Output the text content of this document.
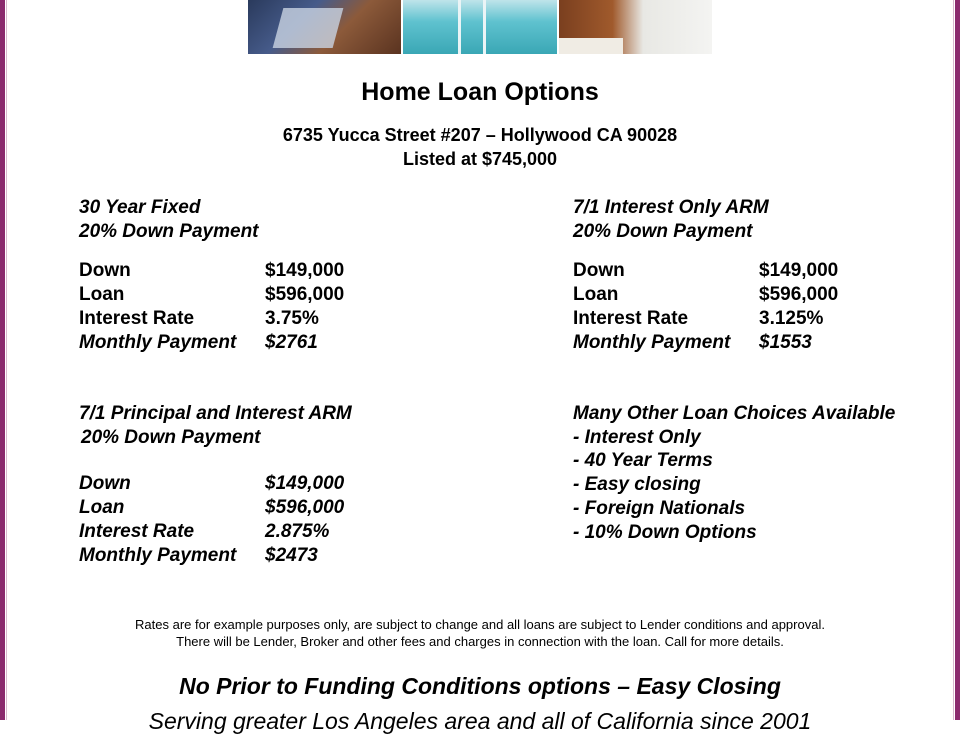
Home Loan Options
6735 Yucca Street #207 – Hollywood CA 90028
Listed at $745,000
30 Year Fixed
20% Down Payment
Down	$149,000
Loan	$596,000
Interest Rate	3.75%
Monthly Payment	$2761
7/1 Interest Only ARM
20% Down Payment
Down	$149,000
Loan	$596,000
Interest Rate	3.125%
Monthly Payment	$1553
7/1 Principal and Interest ARM
20% Down Payment
Down	$149,000
Loan	$596,000
Interest Rate	2.875%
Monthly Payment	$2473
Many Other Loan Choices Available
- Interest Only
- 40 Year Terms
- Easy closing
- Foreign Nationals
- 10% Down Options
Rates are for example purposes only, are subject to change and all loans are subject to Lender conditions and approval.
There will be Lender, Broker and other fees and charges in connection with the loan. Call for more details.
No Prior to Funding Conditions options – Easy Closing
Serving greater Los Angeles area and all of California since 2001
